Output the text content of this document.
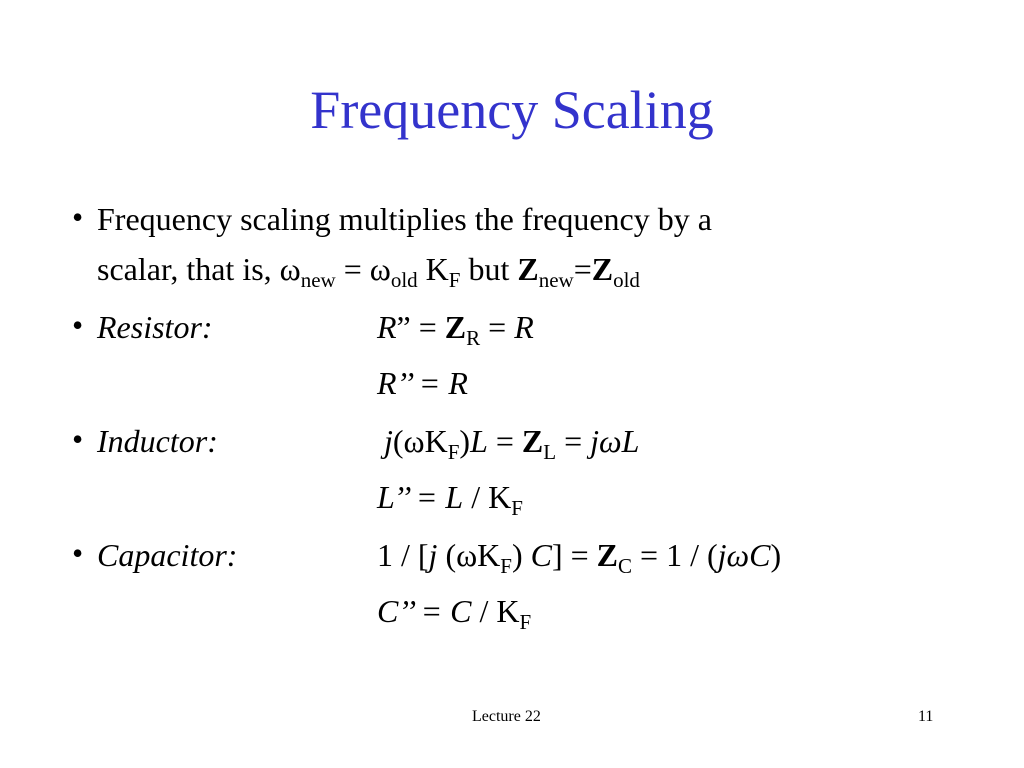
Frequency Scaling
• Frequency scaling multiplies the frequency by a
scalar, that is, $\omega_{new} = \omega_{old}$ $K_F$ but $Z_{new}=Z_{old}$
• Resistor:	R” = $Z_R = R$
R’’ = R
• Inductor:	$j(\omega K_F)L = Z_L = j\omega L$
L’’ = L / $K_F$
• Capacitor:	1 / [j $(\omega K_F) C] = Z_C = 1 / (j\omega C)$
C’’ = C / $K_F$
Lecture 22	11
